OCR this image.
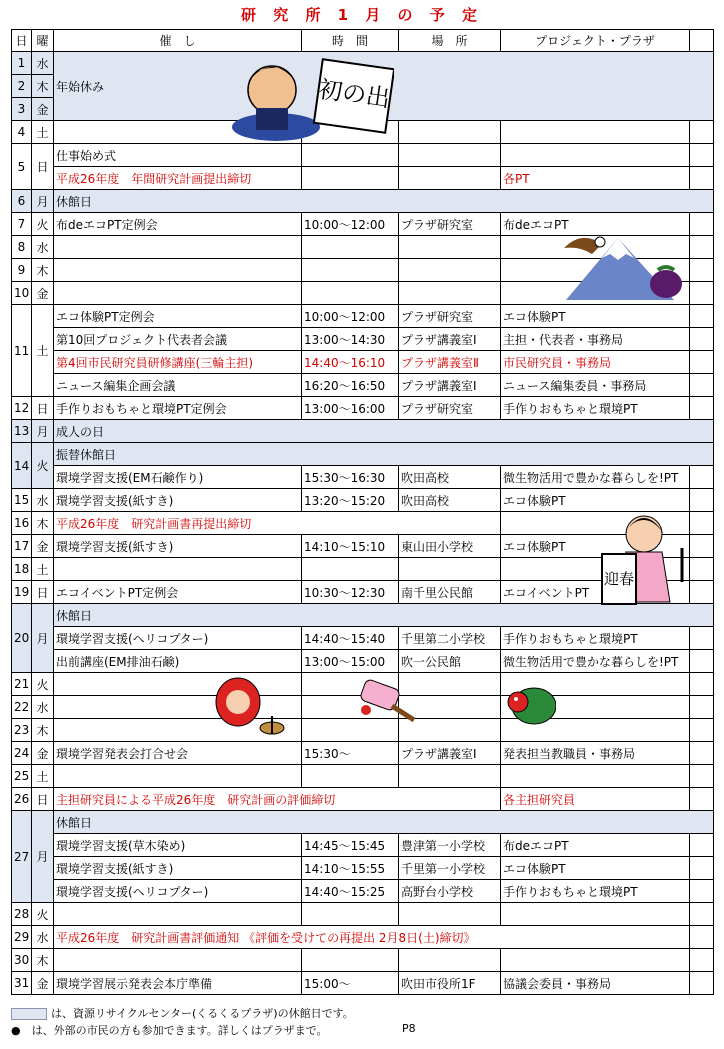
研 究 所 1 月 の 予 定
日	曜	催　し	時　間	場　所	プロジェクト・プラザ	
1	水	年始休み				
2	木					
3	金					
4	土					
5	日	仕事始め式				
		平成26年度　年間研究計画提出締切			各PT	
6	月	休館日				
7	火	布deエコPT定例会	10:00～12:00	プラザ研究室	布deエコPT	
8	水					
9	木					
10	金					
11	土	エコ体験PT定例会	10:00～12:00	プラザ研究室	エコ体験PT	
		第10回プロジェクト代表者会議	13:00～14:30	プラザ講義室Ⅰ	主担・代表者・事務局	
		第4回市民研究員研修講座(三輪主担)	14:40～16:10	プラザ講義室Ⅱ	市民研究員・事務局	
		ニュース編集企画会議	16:20～16:50	プラザ講義室Ⅰ	ニュース編集委員・事務局	
12	日	手作りおもちゃと環境PT定例会	13:00～16:00	プラザ研究室	手作りおもちゃと環境PT	
13	月	成人の日				
14	火	振替休館日				
		環境学習支援(EM石鹸作り)	15:30～16:30	吹田高校	微生物活用で豊かな暮らしを!PT	
15	水	環境学習支援(紙すき)	13:20～15:20	吹田高校	エコ体験PT	
16	木	平成26年度　研究計画書再提出締切				
17	金	環境学習支援(紙すき)	14:10～15:10	東山田小学校	エコ体験PT	
18	土					
19	日	エコイベントPT定例会	10:30～12:30	南千里公民館	エコイベントPT	
20	月	休館日				
		環境学習支援(ヘリコプター)	14:40～15:40	千里第二小学校	手作りおもちゃと環境PT	
		出前講座(EM排油石鹸)	13:00～15:00	吹一公民館	微生物活用で豊かな暮らしを!PT	
21	火					
22	水					
23	木					
24	金	環境学習発表会打合せ会	15:30～	プラザ講義室Ⅰ	発表担当教職員・事務局	
25	土					
26	日	主担研究員による平成26年度　研究計画の評価締切			各主担研究員	
27	月	休館日				
		環境学習支援(草木染め)	14:45～15:45	豊津第一小学校	布deエコPT	
		環境学習支援(紙すき)	14:10～15:55	千里第一小学校	エコ体験PT	
		環境学習支援(ヘリコプター)	14:40～15:25	高野台小学校	手作りおもちゃと環境PT	
28	火					
29	水	平成26年度　研究計画書評価通知 《評価を受けての再提出 2月8日(土)締切》				
30	木					
31	金	環境学習展示発表会本庁準備	15:00～	吹田市役所1F	協議会委員・事務局	
初の出
迎春
は、資源リサイクルセンター(くるくるプラザ)の休館日です。
●　は、外部の市民の方も参加できます。詳しくはプラザまで。	P8
